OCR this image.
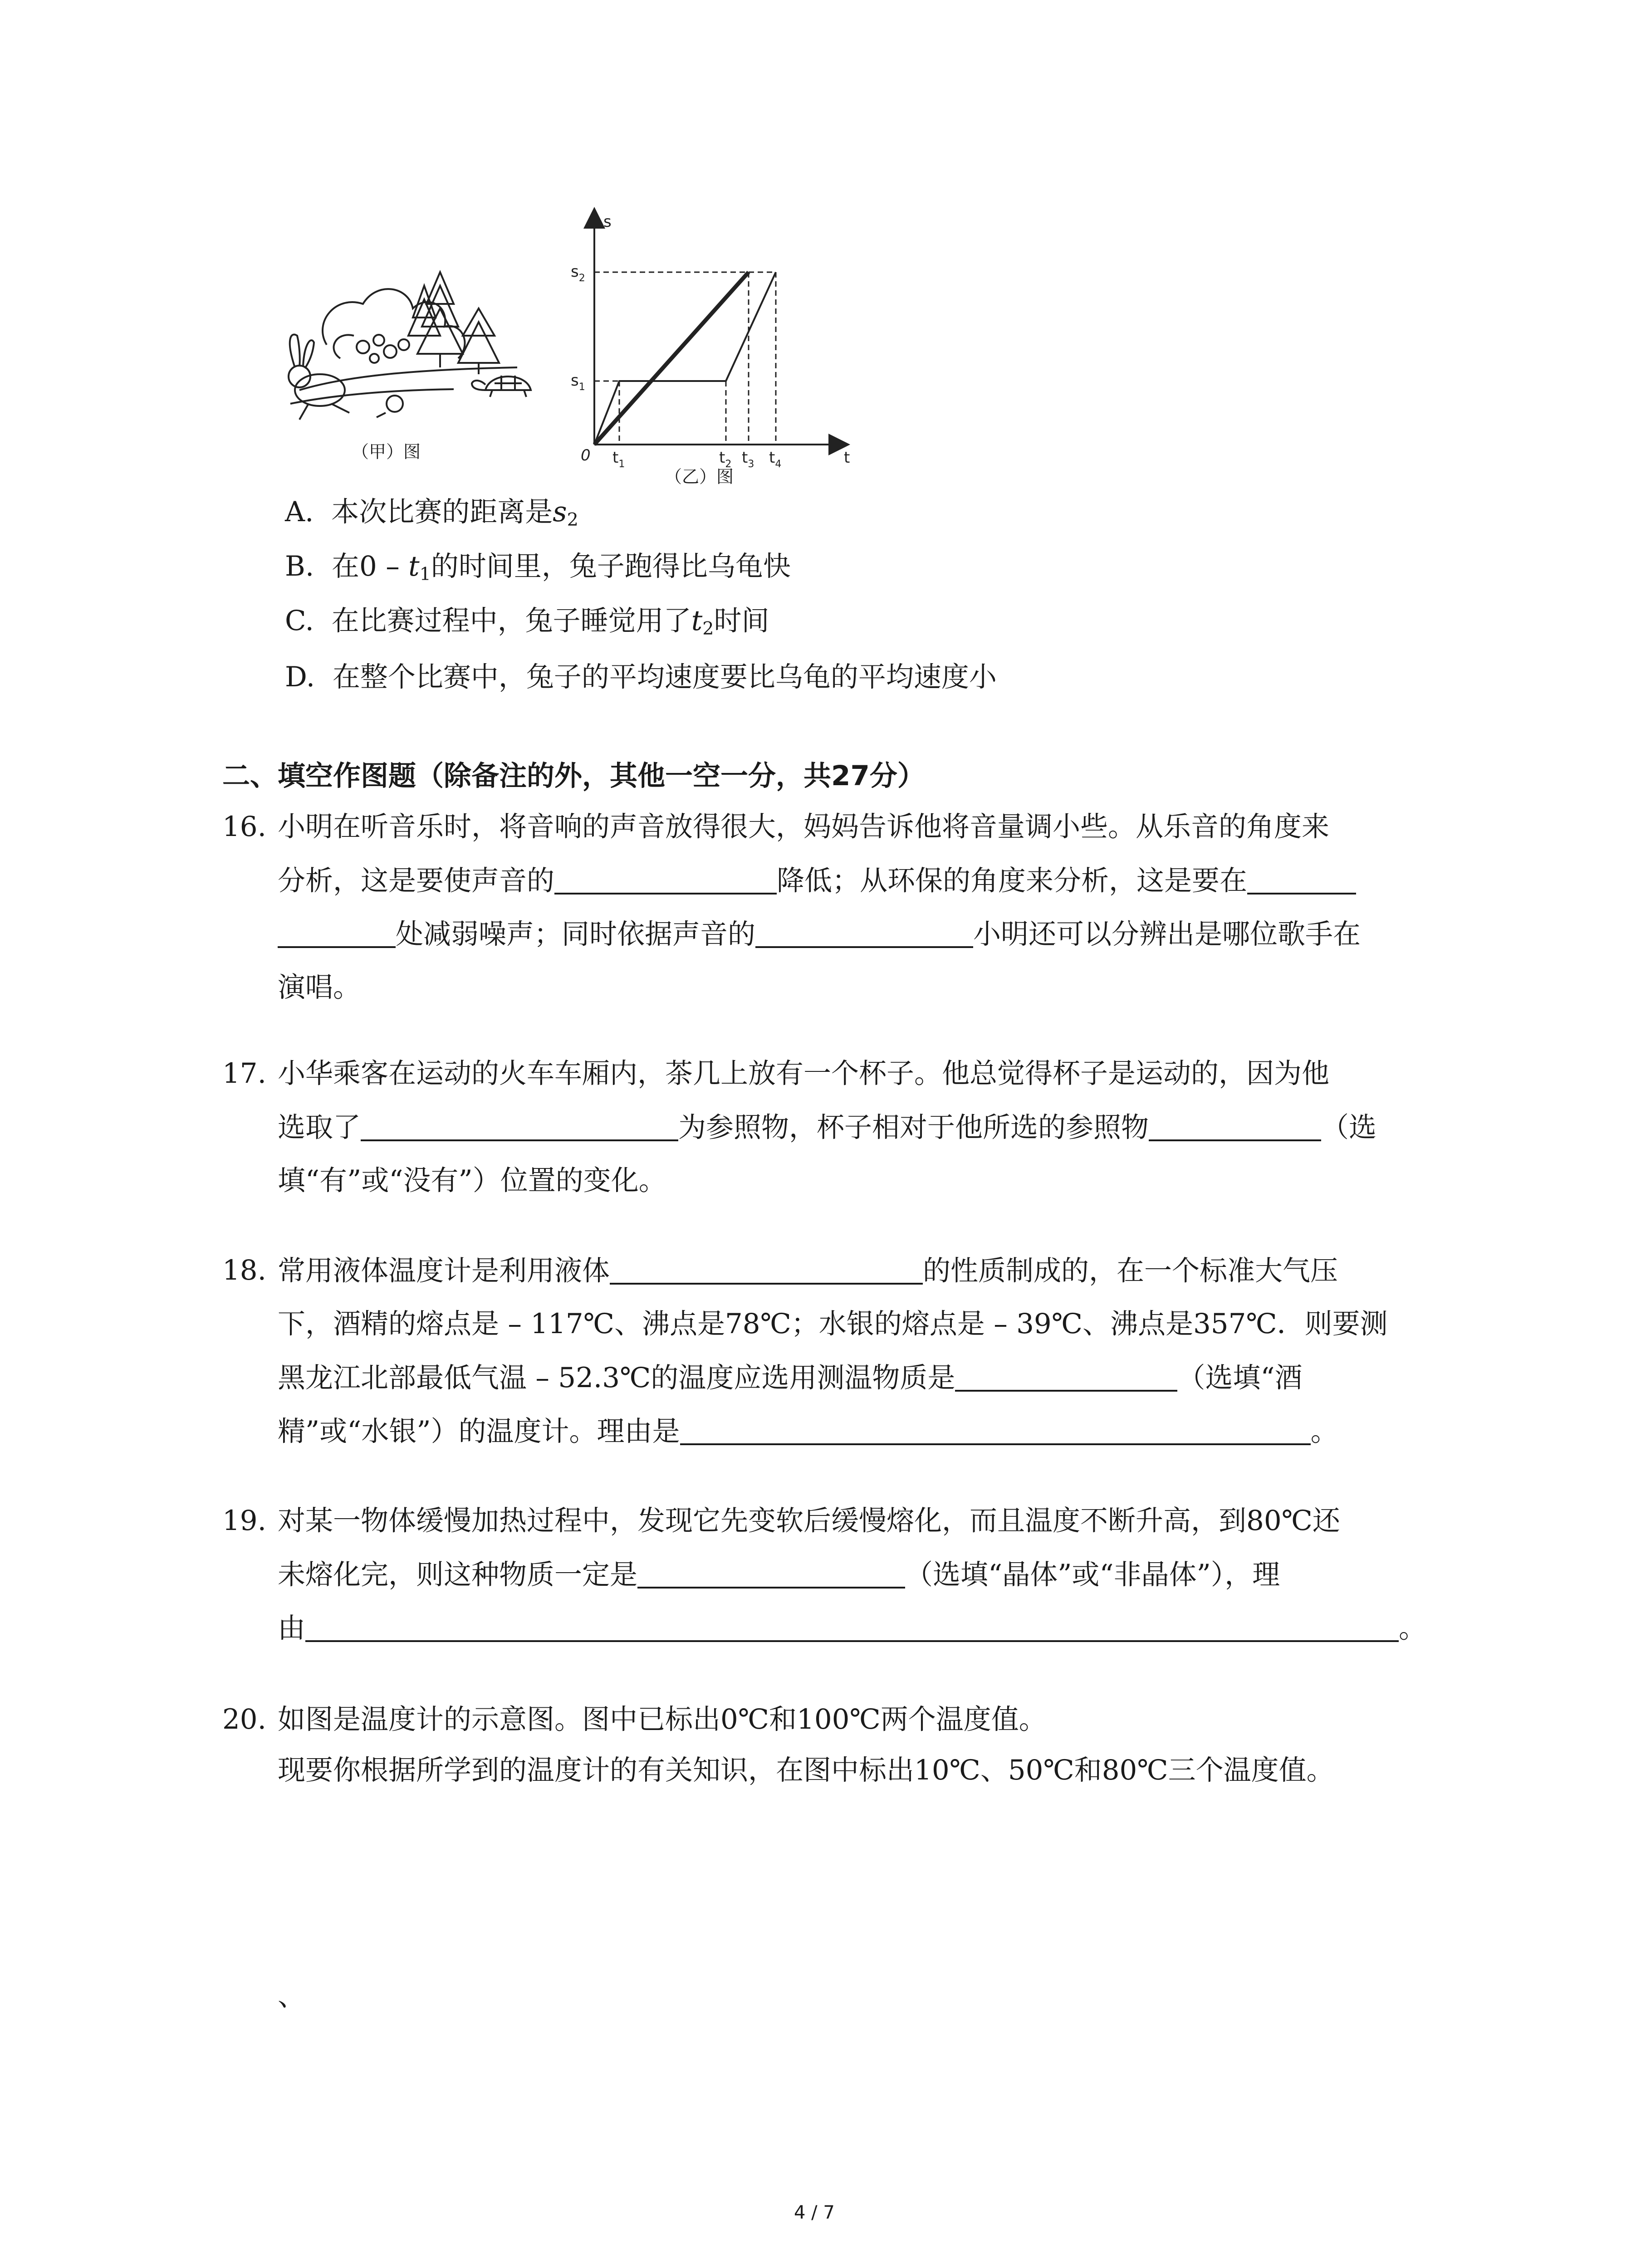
（甲）图
s
t
0
$s_2$
$s_1$
$t_1$	$t_2$ $t_3$ $t_4$
（乙）图
A. 本次比赛的距离是$s_2$
B. 在$0 - t_1$的时间里，兔子跑得比乌龟快
C. 在比赛过程中，兔子睡觉用了$t_2$时间
D. 在整个比赛中，兔子的平均速度要比乌龟的平均速度小
二、填空作图题（除备注的外，其他一空一分，共27分）
16. 小明在听音乐时，将音响的声音放得很大，妈妈告诉他将音量调小些。从乐音的角度来
分析，这是要使声音的	降低；从环保的角度来分析，这是要在
处减弱噪声；同时依据声音的	小明还可以分辨出是哪位歌手在
演唱。
17. 小华乘客在运动的火车车厢内，茶几上放有一个杯子。他总觉得杯子是运动的，因为他
选取了	为参照物，杯子相对于他所选的参照物	（选
填“有”或“没有”）位置的变化。
18. 常用液体温度计是利用液体	的性质制成的，在一个标准大气压
下，酒精的熔点是 – 117℃、沸点是78℃；水银的熔点是 – 39℃、沸点是357℃．则要测
黑龙江北部最低气温 – 52.3℃的温度应选用测温物质是	（选填“酒
精”或“水银”）的温度计。理由是	。
19. 对某一物体缓慢加热过程中，发现它先变软后缓慢熔化，而且温度不断升高，到80℃还
未熔化完，则这种物质一定是	（选填“晶体”或“非晶体”），理
由	。
20. 如图是温度计的示意图。图中已标出0℃和100℃两个温度值。
现要你根据所学到的温度计的有关知识，在图中标出10℃、50℃和80℃三个温度值。
、
4 / 7
